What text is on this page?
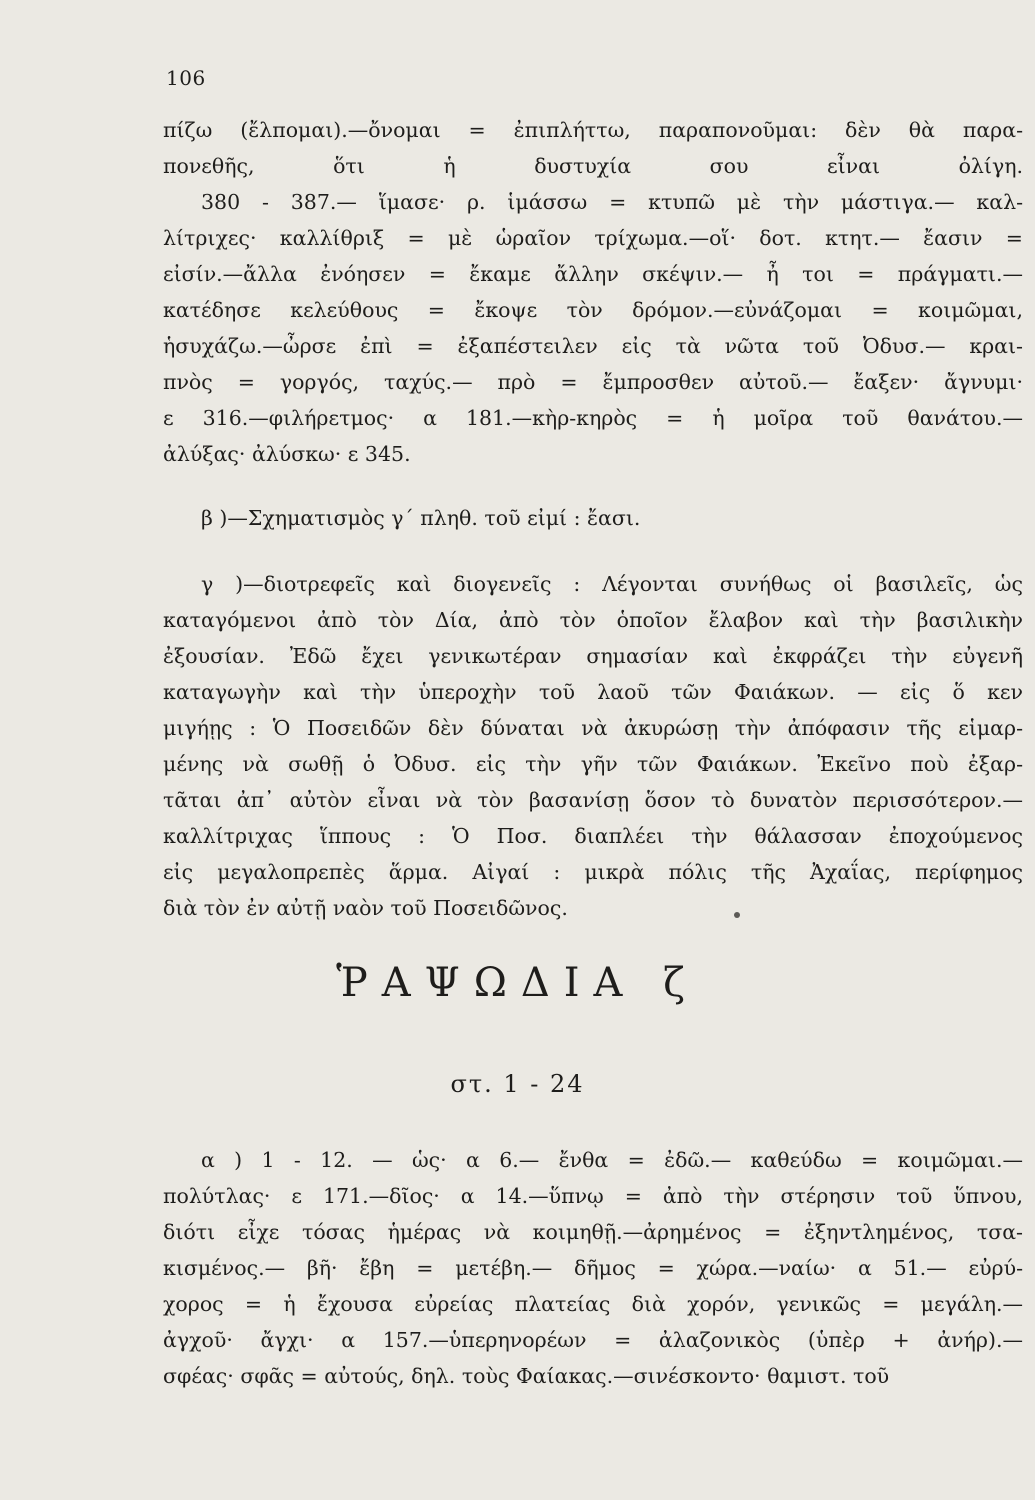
106
πίζω (ἔλπομαι).—ὄνομαι = ἐπιπλήττω, παραπονοῦμαι: δὲν θὰ παρα- πονεθῆς, ὅτι ἡ δυστυχία σου εἶναι ὀλίγη. 380 - 387.— ἵμασε· ρ. ἱμάσσω = κτυπῶ μὲ τὴν μάστιγα.— καλ- λίτριχες· καλλίθριξ = μὲ ὡραῖον τρίχωμα.—οἵ· δοτ. κτητ.— ἔασιν = εἰσίν.—ἄλλα ἐνόησεν = ἔκαμε ἄλλην σκέψιν.— ἦ τοι = πράγματι.— κατέδησε κελεύθους = ἔκοψε τὸν δρόμον.—εὐνάζομαι = κοιμῶμαι, ἡσυχάζω.—ὦρσε ἐπὶ = ἐξαπέστειλεν εἰς τὰ νῶτα τοῦ Ὀδυσ.— κραι- πνὸς = γοργός, ταχύς.— πρὸ = ἔμπροσθεν αὐτοῦ.— ἔαξεν· ἄγνυμι· ε 316.—φιλήρετμος· α 181.—κὴρ-κηρὸς = ἡ μοῖρα τοῦ θανάτου.— ἀλύξας· ἀλύσκω· ε 345.
β )—Σχηματισμὸς γ΄ πληθ. τοῦ εἰμί : ἔασι.
γ )—διοτρεφεῖς καὶ διογενεῖς : Λέγονται συνήθως οἱ βασιλεῖς, ὡς καταγόμενοι ἀπὸ τὸν Δία, ἀπὸ τὸν ὁποῖον ἔλαβον καὶ τὴν βασιλικὴν ἐξουσίαν. Ἐδῶ ἔχει γενικωτέραν σημασίαν καὶ ἐκφράζει τὴν εὐγενῆ καταγωγὴν καὶ τὴν ὑπεροχὴν τοῦ λαοῦ τῶν Φαιάκων. — εἰς ὅ κεν μιγήῃς : Ὁ Ποσειδῶν δὲν δύναται νὰ ἀκυρώσῃ τὴν ἀπόφασιν τῆς εἱμαρ- μένης νὰ σωθῇ ὁ Ὀδυσ. εἰς τὴν γῆν τῶν Φαιάκων. Ἐκεῖνο ποὺ ἐξαρ- τᾶται ἀπ᾿ αὐτὸν εἶναι νὰ τὸν βασανίσῃ ὅσον τὸ δυνατὸν περισσότερον.— καλλίτριχας ἵππους : Ὁ Ποσ. διαπλέει τὴν θάλασσαν ἐποχούμενος εἰς μεγαλοπρεπὲς ἅρμα. Αἰγαί : μικρὰ πόλις τῆς Ἀχαΐας, περίφημος διὰ τὸν ἐν αὐτῇ ναὸν τοῦ Ποσειδῶνος.
ῬΑΨΩΔΙΑ ζ
στ. 1 - 24
α ) 1 - 12. — ὡς· α 6.— ἔνθα = ἐδῶ.— καθεύδω = κοιμῶμαι.— πολύτλας· ε 171.—δῖος· α 14.—ὕπνῳ = ἀπὸ τὴν στέρησιν τοῦ ὕπνου, διότι εἶχε τόσας ἡμέρας νὰ κοιμηθῇ.—ἀρημένος = ἐξηντλημένος, τσα- κισμένος.— βῆ· ἔβη = μετέβη.— δῆμος = χώρα.—ναίω· α 51.— εὐρύ- χορος = ἡ ἔχουσα εὐρείας πλατείας διὰ χορόν, γενικῶς = μεγάλη.— ἀγχοῦ· ἄγχι· α 157.—ὑπερηνορέων = ἀλαζονικὸς (ὑπὲρ + ἀνήρ).— σφέας· σφᾶς = αὐτούς, δηλ. τοὺς Φαίακας.—σινέσκοντο· θαμιστ. τοῦ
